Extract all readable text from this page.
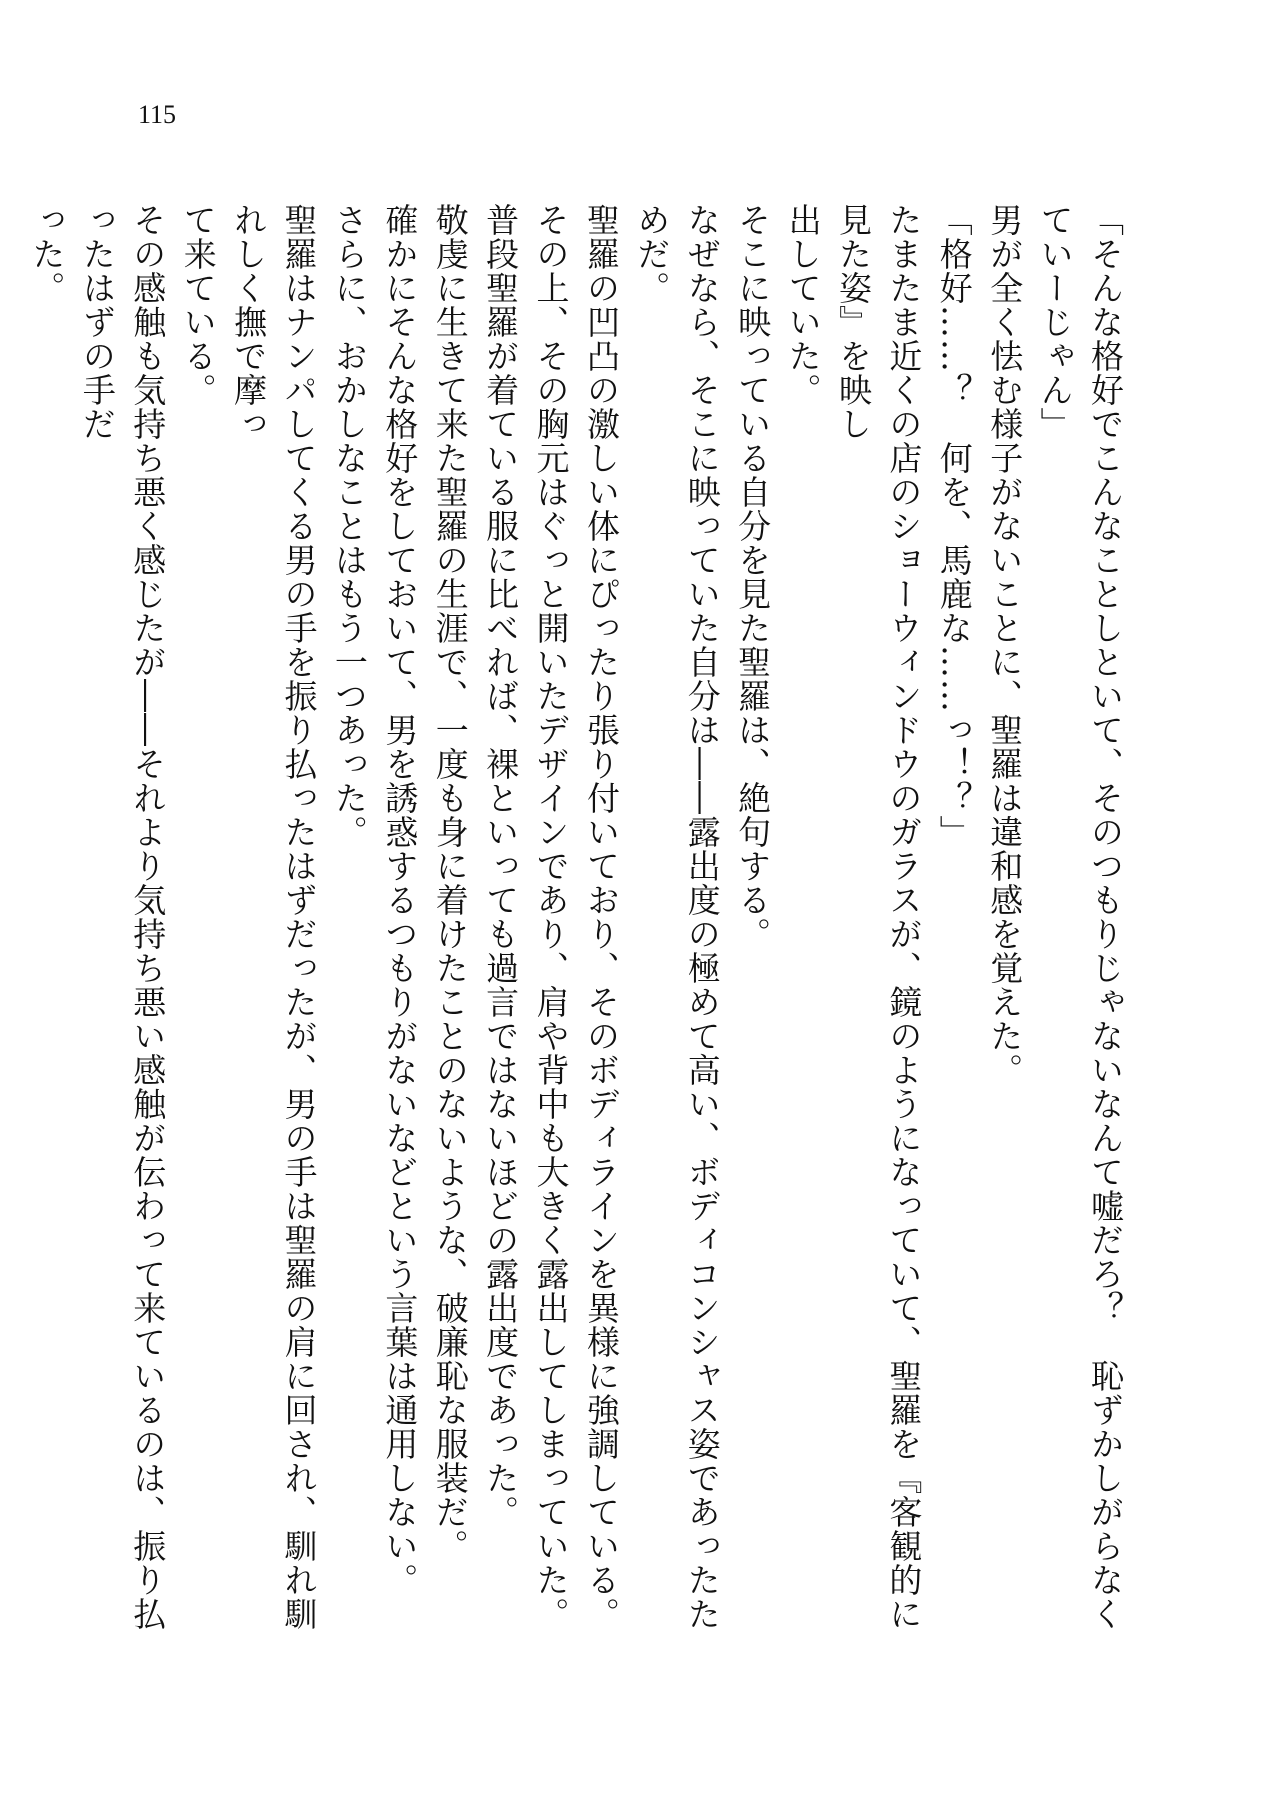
115
「そんな格好でこんなことしといて、そのつもりじゃないなんて嘘だろ？　恥ずかしがらなくていーじゃん」
男が全く怯む様子がないことに、聖羅は違和感を覚えた。
「格好……？　何を、馬鹿な……っ！？」
たまたま近くの店のショーウィンドウのガラスが、鏡のようになっていて、聖羅を『客観的に見た姿』を映し
出していた。
そこに映っている自分を見た聖羅は、絶句する。
なぜなら、そこに映っていた自分は――露出度の極めて高い、ボディコンシャス姿であったためだ。
聖羅の凹凸の激しい体にぴったり張り付いており、そのボディラインを異様に強調している。
その上、その胸元はぐっと開いたデザインであり、肩や背中も大きく露出してしまっていた。
普段聖羅が着ている服に比べれば、裸といっても過言ではないほどの露出度であった。
敬虔に生きて来た聖羅の生涯で、一度も身に着けたことのないような、破廉恥な服装だ。
確かにそんな格好をしておいて、男を誘惑するつもりがないなどという言葉は通用しない。
さらに、おかしなことはもう一つあった。
聖羅はナンパしてくる男の手を振り払ったはずだったが、男の手は聖羅の肩に回され、馴れ馴れしく撫で摩っ
て来ている。
その感触も気持ち悪く感じたが――それより気持ち悪い感触が伝わって来ているのは、振り払ったはずの手だ
った。
